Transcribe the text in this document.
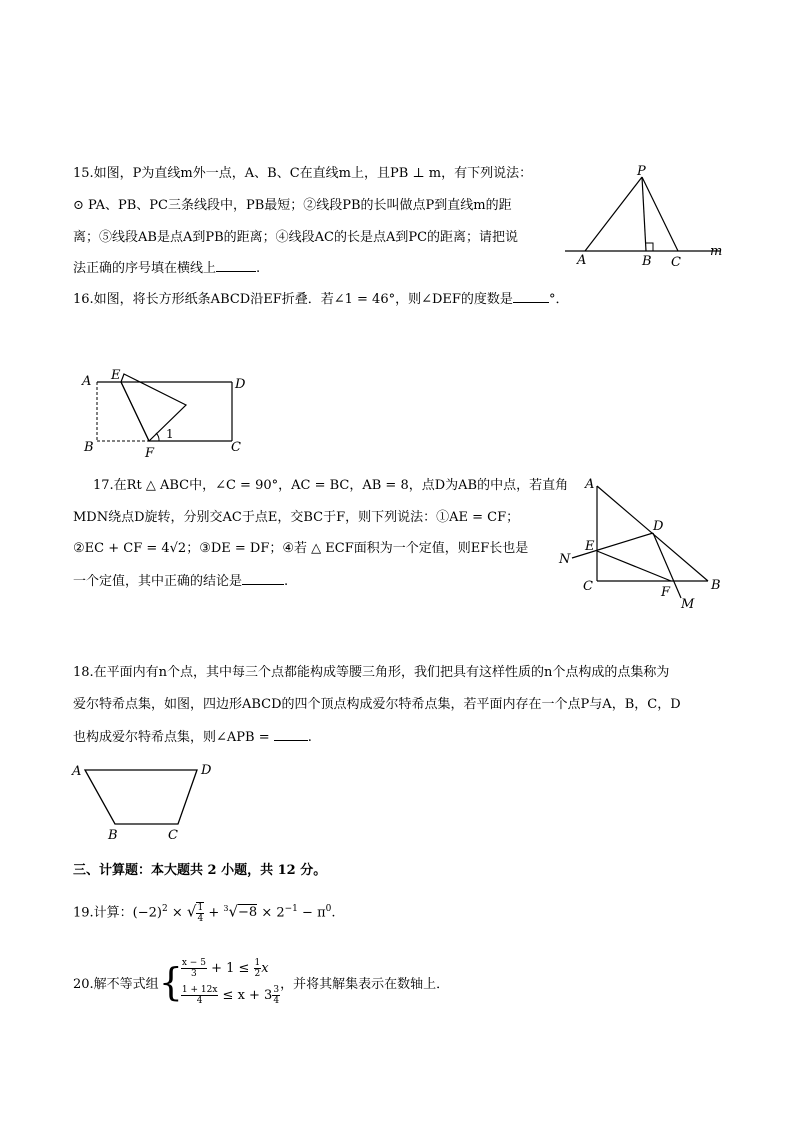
15.如图，P为直线m外一点，A、B、C在直线m上，且PB ⊥ m，有下列说法：
⊙ PA、PB、PC三条线段中，PB最短；②线段PB的长叫做点P到直线m的距
离；⑤线段AB是点A到PB的距离；④线段AC的长是点A到PC的距离；请把说
法正确的序号填在横线上	.
P
A	B C
m
16.如图，将长方形纸条ABCD沿EF折叠．若∠1 = 46°，则∠DEF的度数是	°．
A E
D
B	F	C
1
17.在Rt △ ABC中，∠C = 90°，AC = BC，AB = 8，点D为AB的中点，若直角
MDN绕点D旋转，分别交AC于点E，交BC于F，则下列说法：①AE = CF；
②EC + CF = 4√2；③DE = DF；④若 △ ECF面积为一个定值，则EF长也是
一个定值，其中正确的结论是	.
A
D
N
E
C	F
M
B
18.在平面内有n个点，其中每三个点都能构成等腰三角形，我们把具有这样性质的n个点构成的点集称为
爱尔特希点集，如图，四边形ABCD的四个顶点构成爱尔特希点集，若平面内存在一个点P与A，B，C，D
也构成爱尔特希点集，则∠APB =	.
A	D
B	C
三、计算题：本大题共 2 小题，共 12 分。
19.计算：$(-2)^2$ × √ $\frac{1}{4} + ^3√-8 \times 2^{-1} - \pi^0$.
20.解不等式组 {
$\frac{x - 5}{3} + 1 \le \frac{1}{2}$ x
$\frac{1 + 12x}{4} \le x + 3 \frac{3}{4}$
，并将其解集表示在数轴上．
